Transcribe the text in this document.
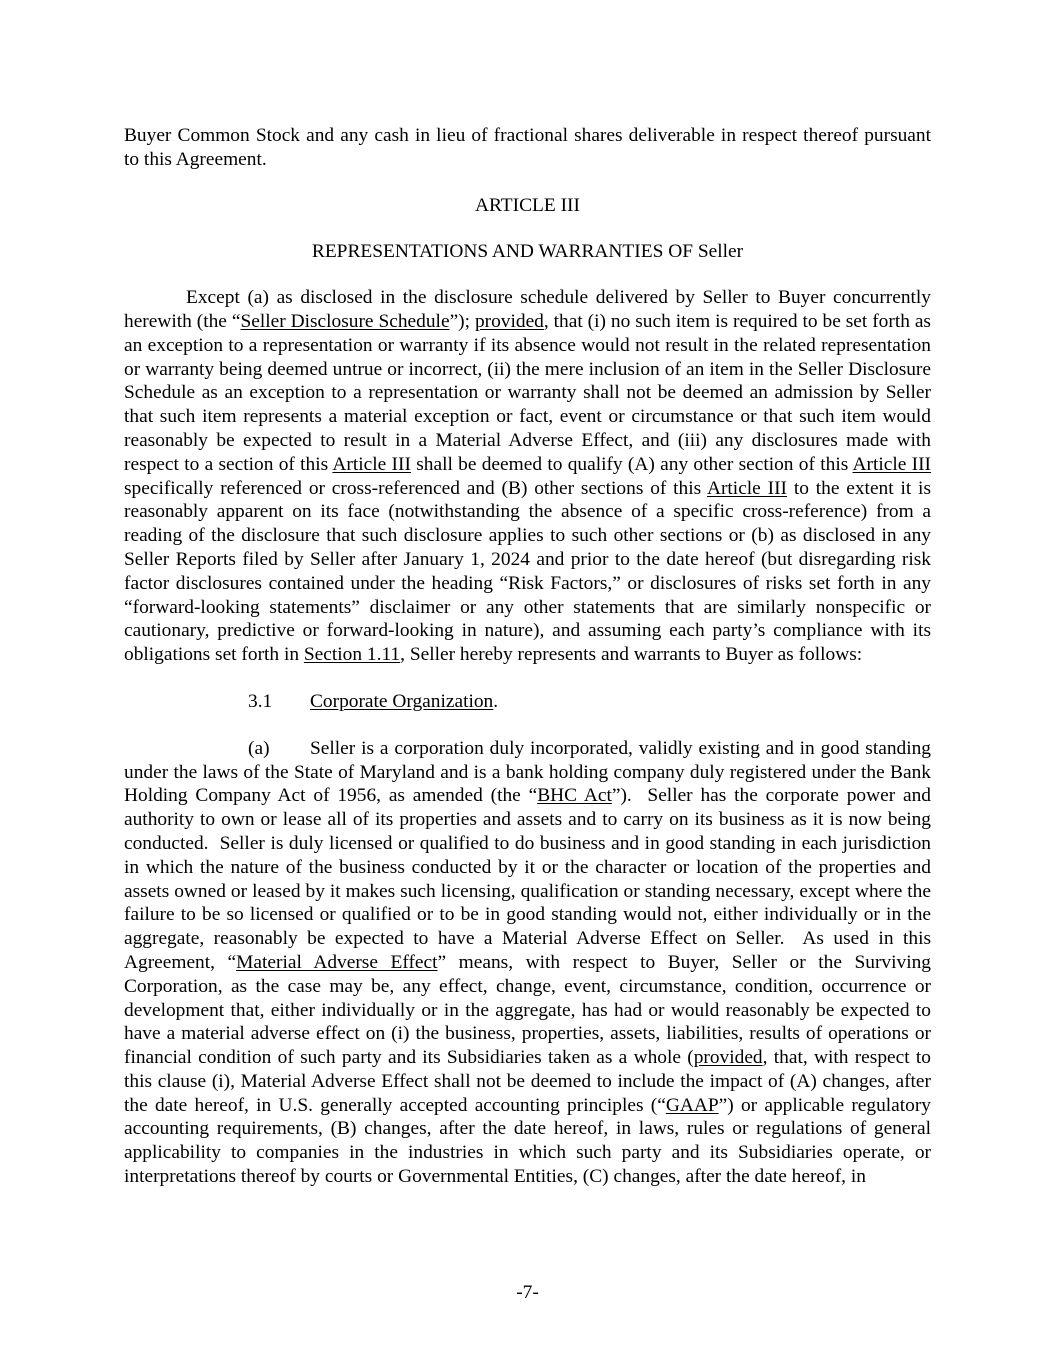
Buyer Common Stock and any cash in lieu of fractional shares deliverable in respect thereof pursuant to this Agreement.

ARTICLE III

REPRESENTATIONS AND WARRANTIES OF Seller

Except (a) as disclosed in the disclosure schedule delivered by Seller to Buyer concurrently herewith (the “Seller Disclosure Schedule”); provided, that (i) no such item is required to be set forth as an exception to a representation or warranty if its absence would not result in the related representation or warranty being deemed untrue or incorrect, (ii) the mere inclusion of an item in the Seller Disclosure Schedule as an exception to a representation or warranty shall not be deemed an admission by Seller that such item represents a material exception or fact, event or circumstance or that such item would reasonably be expected to result in a Material Adverse Effect, and (iii) any disclosures made with respect to a section of this Article III shall be deemed to qualify (A) any other section of this Article III specifically referenced or cross-referenced and (B) other sections of this Article III to the extent it is reasonably apparent on its face (notwithstanding the absence of a specific cross-reference) from a reading of the disclosure that such disclosure applies to such other sections or (b) as disclosed in any Seller Reports filed by Seller after January 1, 2024 and prior to the date hereof (but disregarding risk factor disclosures contained under the heading “Risk Factors,” or disclosures of risks set forth in any “forward-looking statements” disclaimer or any other statements that are similarly nonspecific or cautionary, predictive or forward-looking in nature), and assuming each party’s compliance with its obligations set forth in Section 1.11, Seller hereby represents and warrants to Buyer as follows:

3.1 Corporate Organization.

(a) Seller is a corporation duly incorporated, validly existing and in good standing under the laws of the State of Maryland and is a bank holding company duly registered under the Bank Holding Company Act of 1956, as amended (the “BHC Act”).  Seller has the corporate power and authority to own or lease all of its properties and assets and to carry on its business as it is now being conducted.  Seller is duly licensed or qualified to do business and in good standing in each jurisdiction in which the nature of the business conducted by it or the character or location of the properties and assets owned or leased by it makes such licensing, qualification or standing necessary, except where the failure to be so licensed or qualified or to be in good standing would not, either individually or in the aggregate, reasonably be expected to have a Material Adverse Effect on Seller.  As used in this Agreement, “Material Adverse Effect” means, with respect to Buyer, Seller or the Surviving Corporation, as the case may be, any effect, change, event, circumstance, condition, occurrence or development that, either individually or in the aggregate, has had or would reasonably be expected to have a material adverse effect on (i) the business, properties, assets, liabilities, results of operations or financial condition of such party and its Subsidiaries taken as a whole (provided, that, with respect to this clause (i), Material Adverse Effect shall not be deemed to include the impact of (A) changes, after the date hereof, in U.S. generally accepted accounting principles (“GAAP”) or applicable regulatory accounting requirements, (B) changes, after the date hereof, in laws, rules or regulations of general applicability to companies in the industries in which such party and its Subsidiaries operate, or interpretations thereof by courts or Governmental Entities, (C) changes, after the date hereof, in

-7-
